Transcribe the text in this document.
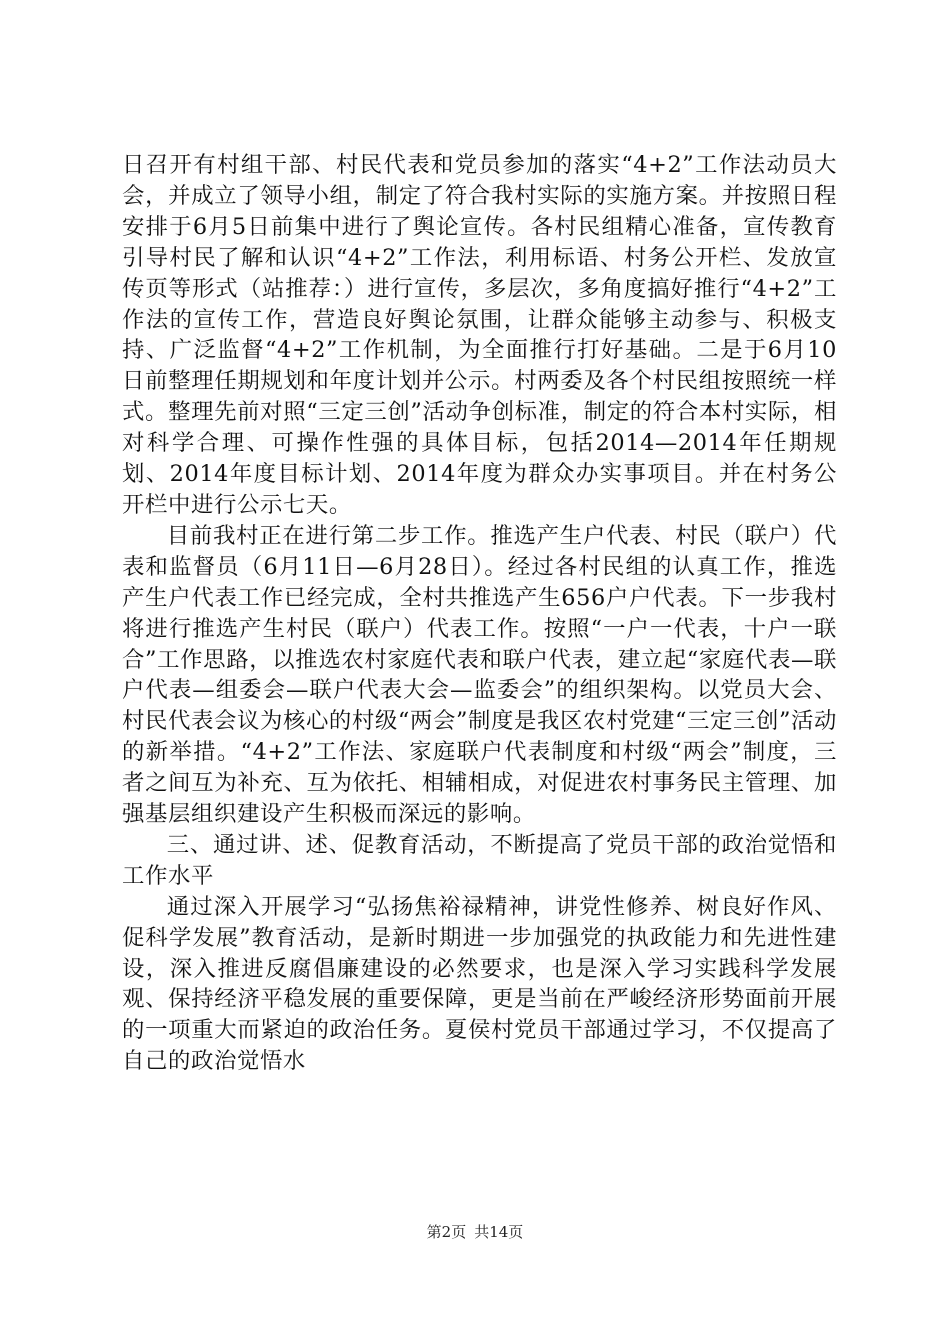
日召开有村组干部、村民代表和党员参加的落实“4+2”工作法动员大会，并成立了领导小组，制定了符合我村实际的实施方案。并按照日程安排于6月5日前集中进行了舆论宣传。各村民组精心准备，宣传教育引导村民了解和认识“4+2”工作法，利用标语、村务公开栏、发放宣传页等形式（站推荐：）进行宣传，多层次，多角度搞好推行“4+2”工作法的宣传工作，营造良好舆论氛围，让群众能够主动参与、积极支持、广泛监督“4+2”工作机制，为全面推行打好基础。二是于6月10日前整理任期规划和年度计划并公示。村两委及各个村民组按照统一样式。整理先前对照“三定三创”活动争创标准，制定的符合本村实际，相对科学合理、可操作性强的具体目标，包括2014—2014年任期规划、2014年度目标计划、2014年度为群众办实事项目。并在村务公开栏中进行公示七天。

目前我村正在进行第二步工作。推选产生户代表、村民（联户）代表和监督员（6月11日—6月28日）。经过各村民组的认真工作，推选产生户代表工作已经完成，全村共推选产生656户户代表。下一步我村将进行推选产生村民（联户）代表工作。按照“一户一代表，十户一联合”工作思路，以推选农村家庭代表和联户代表，建立起“家庭代表—联户代表—组委会—联户代表大会—监委会”的组织架构。以党员大会、村民代表会议为核心的村级“两会”制度是我区农村党建“三定三创”活动的新举措。“4+2”工作法、家庭联户代表制度和村级“两会”制度，三者之间互为补充、互为依托、相辅相成，对促进农村事务民主管理、加强基层组织建设产生积极而深远的影响。

三、通过讲、述、促教育活动，不断提高了党员干部的政治觉悟和工作水平

通过深入开展学习“弘扬焦裕禄精神，讲党性修养、树良好作风、促科学发展”教育活动，是新时期进一步加强党的执政能力和先进性建设，深入推进反腐倡廉建设的必然要求，也是深入学习实践科学发展观、保持经济平稳发展的重要保障，更是当前在严峻经济形势面前开展的一项重大而紧迫的政治任务。夏侯村党员干部通过学习，不仅提高了自己的政治觉悟水

第2页 共14页
